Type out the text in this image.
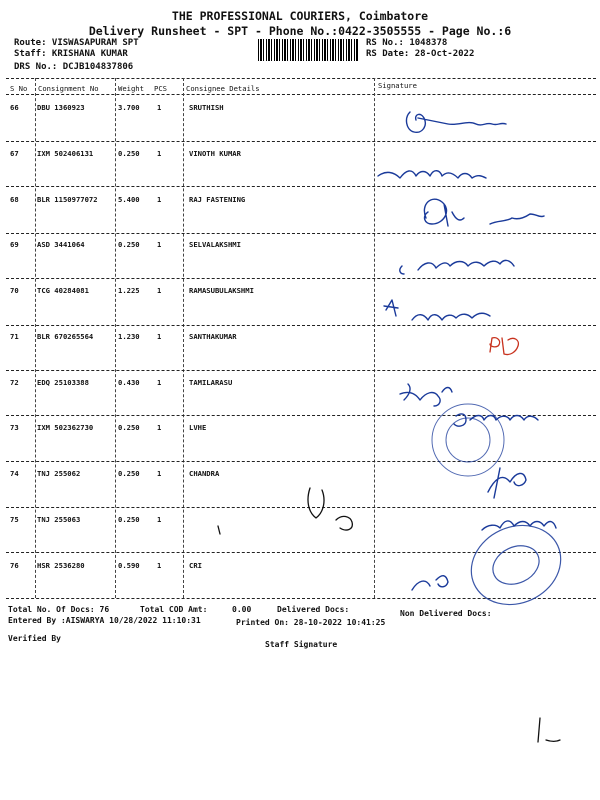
THE PROFESSIONAL COURIERS, Coimbatore
Delivery Runsheet - SPT - Phone No.:0422-3505555 - Page No.:6
Route: VISWASAPURAM SPT
Staff: KRISHANA KUMAR
DRS No.: DCJB104837806
RS No.: 1048378
RS Date: 28-Oct-2022
S No Consignment No	Weight PCS	Consignee Details	Signature
66	DBU 1360923	3.700 1	SRUTHISH
67	IXM 502406131	0.250 1	VINOTH KUMAR
68	BLR 1150977072	5.400 1	RAJ FASTENING
69	ASD 3441064	0.250 1	SELVALAKSHMI
70	TCG 40284081	1.225 1	RAMASUBULAKSHMI
71	BLR 670265564	1.230 1	SANTHAKUMAR
72	EDQ 25103388	0.430 1	TAMILARASU
73	IXM 502362730	0.250 1	LVHE
74	TNJ 255062	0.250 1	CHANDRA
75	TNJ 255063	0.250 1
76	HSR 2536280	0.590 1	CRI
Total No. Of Docs: 76	Total COD Amt:	0.00	Delivered Docs:	Non Delivered Docs:
Entered By :AISWARYA 10/28/2022 11:10:31	Printed On: 28-10-2022 10:41:25
Verified By
Staff Signature
